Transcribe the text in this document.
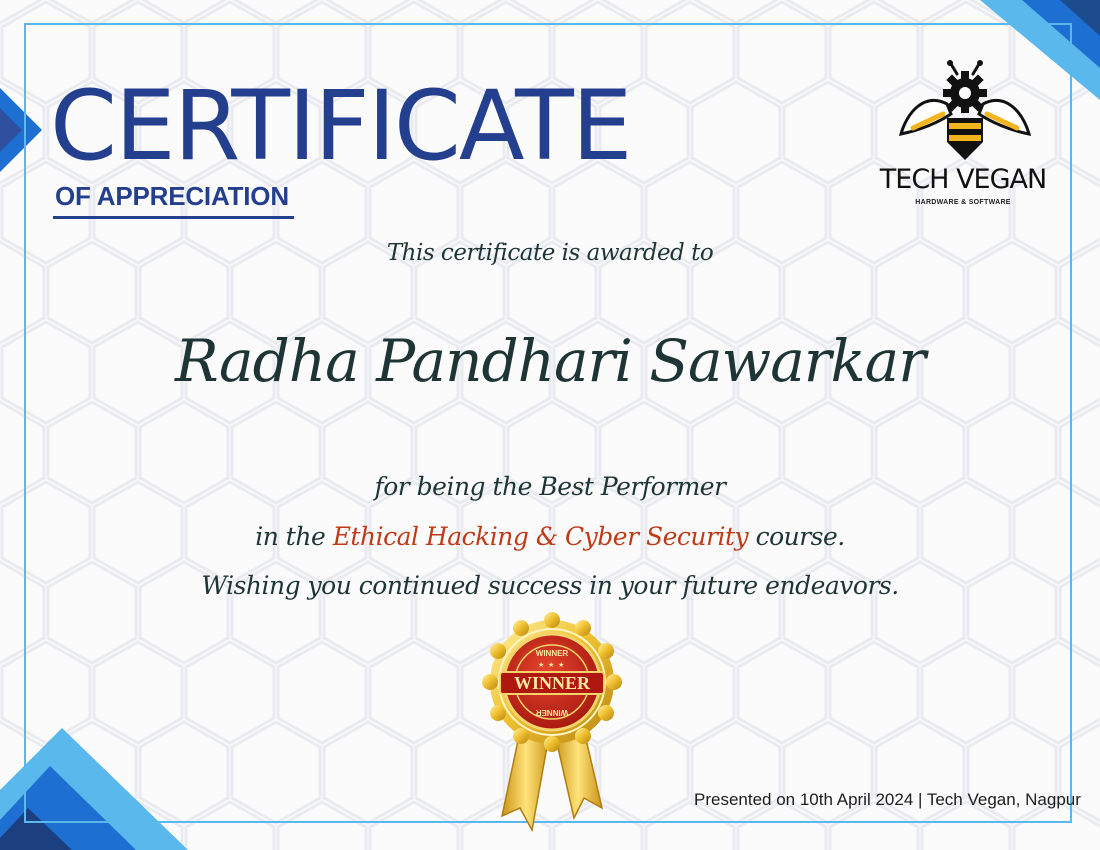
CERTIFICATE
OF APPRECIATION
TECH VEGAN
HARDWARE & SOFTWARE

This certificate is awarded to

Radha Pandhari Sawarkar

for being the Best Performer

in the Ethical Hacking & Cyber Security course.

Wishing you continued success in your future endeavors.

WINNER
WINNER
WINNER
★ ★ ★

Presented on 10th April 2024 | Tech Vegan, Nagpur
